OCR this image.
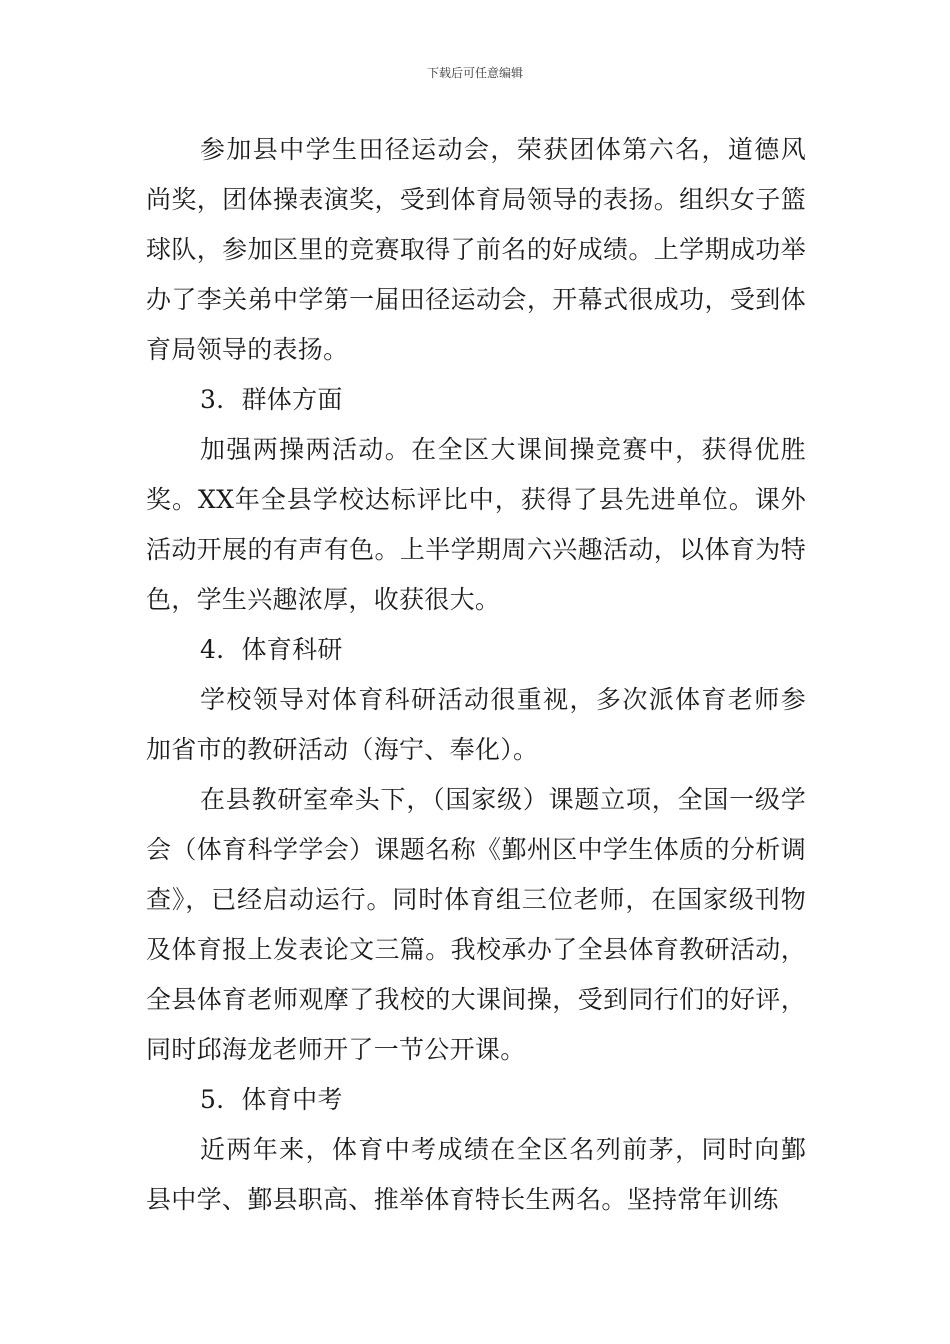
下载后可任意编辑

参加县中学生田径运动会，荣获团体第六名，道德风尚奖，团体操表演奖，受到体育局领导的表扬。组织女子篮球队，参加区里的竞赛取得了前名的好成绩。上学期成功举办了李关弟中学第一届田径运动会，开幕式很成功，受到体育局领导的表扬。

3．群体方面

加强两操两活动。在全区大课间操竞赛中，获得优胜奖。XX年全县学校达标评比中，获得了县先进单位。课外活动开展的有声有色。上半学期周六兴趣活动，以体育为特色，学生兴趣浓厚，收获很大。

4．体育科研

学校领导对体育科研活动很重视，多次派体育老师参加省市的教研活动（海宁、奉化）。

在县教研室牵头下，（国家级）课题立项，全国一级学会（体育科学学会）课题名称《鄞州区中学生体质的分析调查》，已经启动运行。同时体育组三位老师，在国家级刊物及体育报上发表论文三篇。我校承办了全县体育教研活动，全县体育老师观摩了我校的大课间操，受到同行们的好评，同时邱海龙老师开了一节公开课。

5．体育中考

近两年来，体育中考成绩在全区名列前茅，同时向鄞县中学、鄞县职高、推举体育特长生两名。坚持常年训练
